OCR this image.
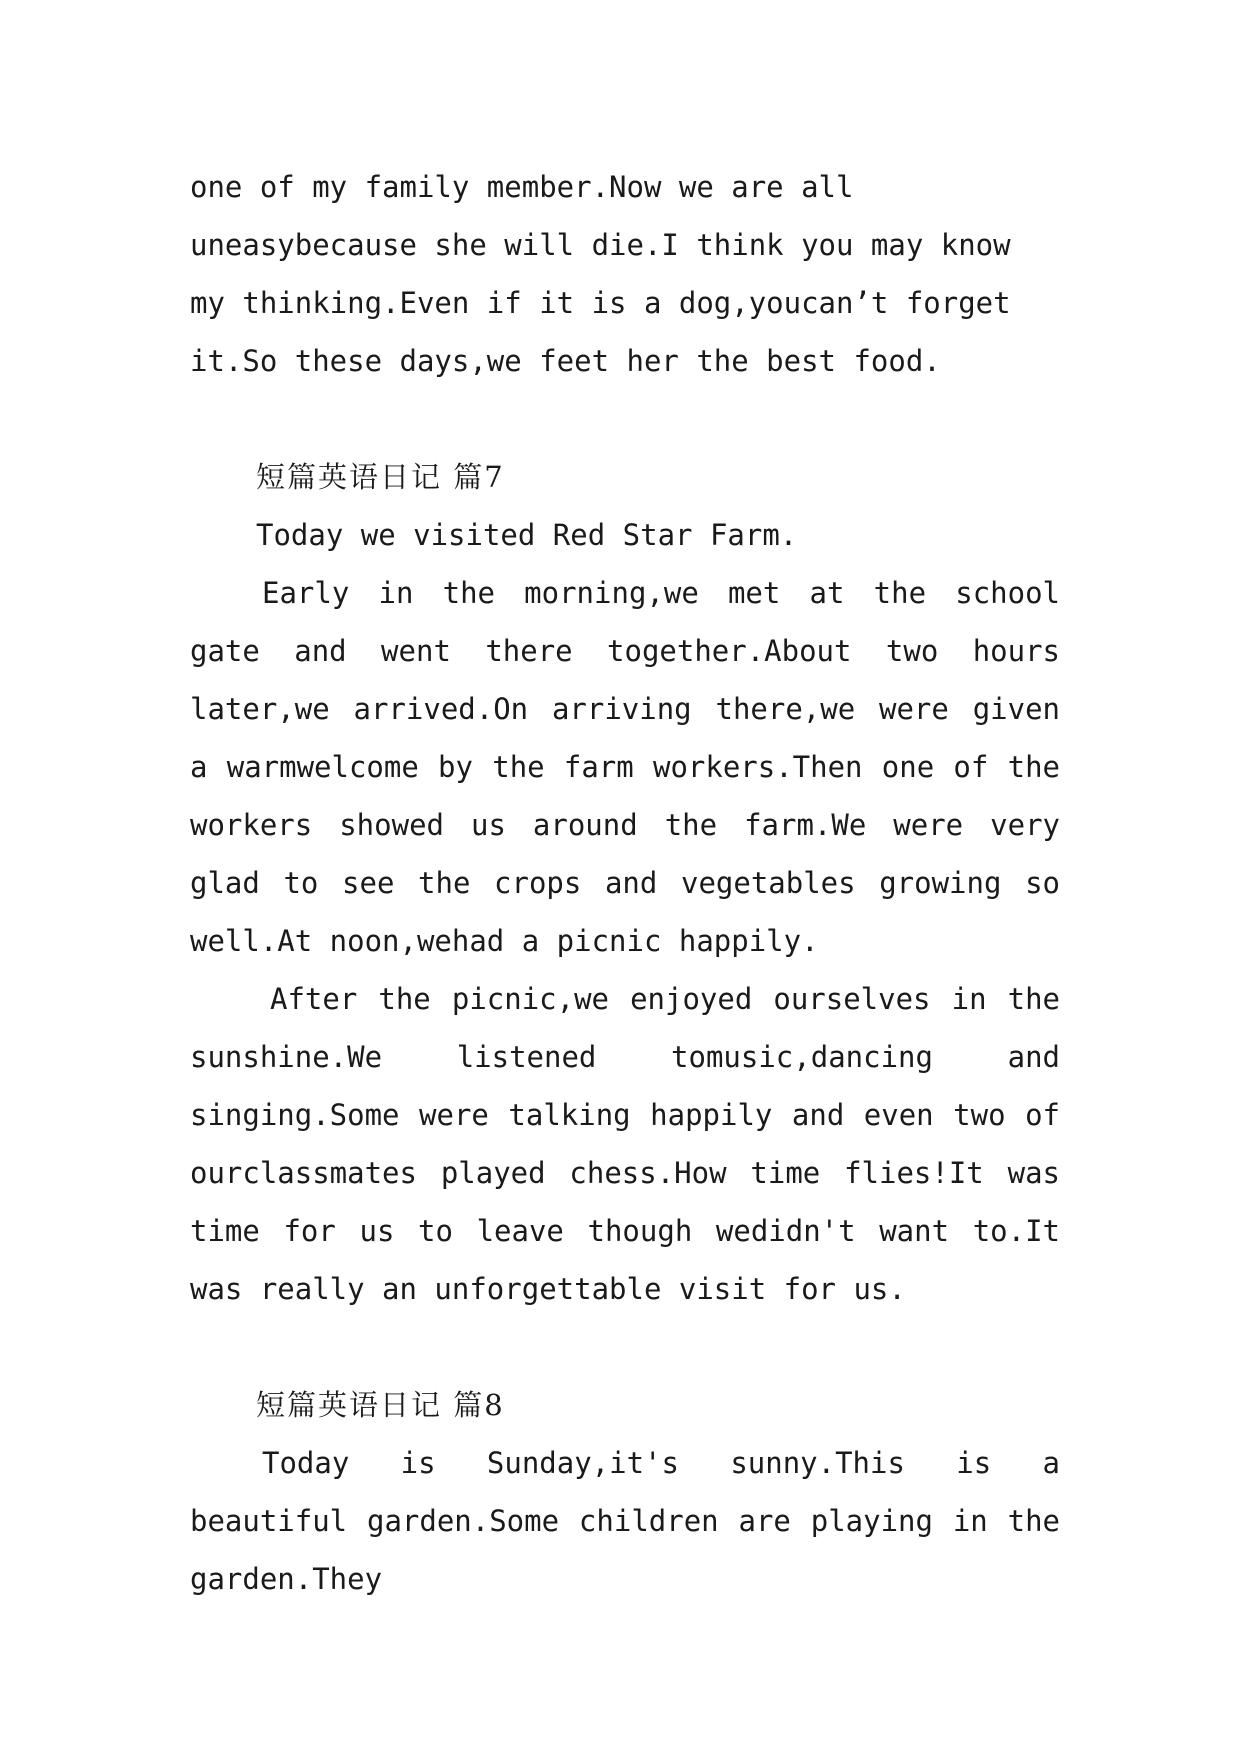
one of my family member.Now we are all uneasybecause she will die.I think you may know my thinking.Even if it is a dog,youcan’t forget it.So these days,we feet her the best food.

短篇英语日记 篇7

Today we visited Red Star Farm.

Early in the morning,we met at the school gate and went there together.About two hours later,we arrived.On arriving there,we were given a warmwelcome by the farm workers.Then one of the workers showed us around the farm.We were very glad to see the crops and vegetables growing so well.At noon,wehad a picnic happily.

After the picnic,we enjoyed ourselves in the sunshine.We listened tomusic,dancing and singing.Some were talking happily and even two of ourclassmates played chess.How time flies!It was time for us to leave though wedidn't want to.It was really an unforgettable visit for us.

短篇英语日记 篇8

Today is Sunday,it's sunny.This is a beautiful garden.Some children are playing in the garden.They
